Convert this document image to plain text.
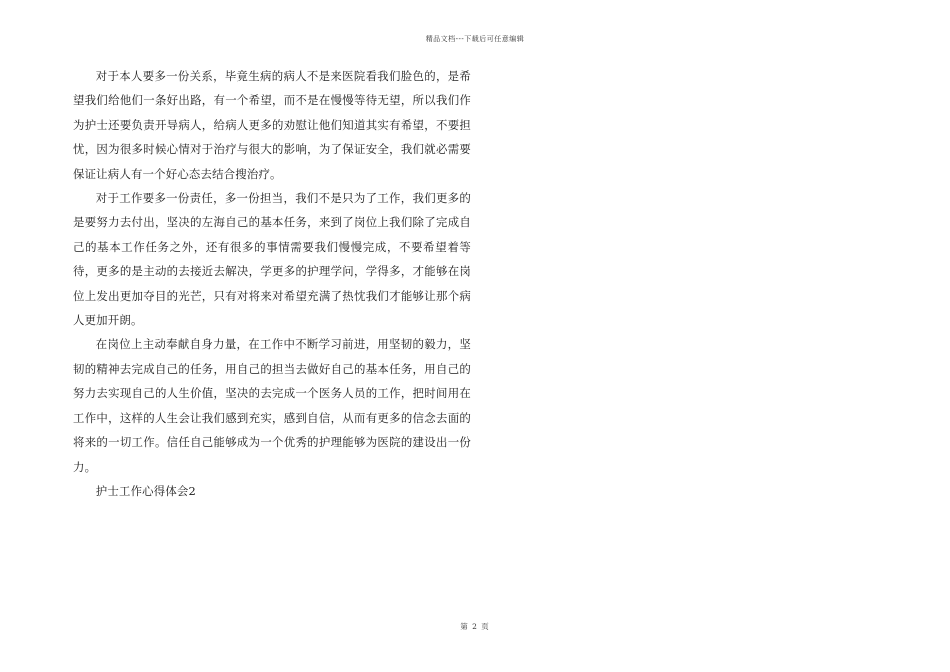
精品文档---下载后可任意编辑

对于本人要多一份关系，毕竟生病的病人不是来医院看我们脸色的，是希望我们给他们一条好出路，有一个希望，而不是在慢慢等待无望，所以我们作为护士还要负责开导病人，给病人更多的劝慰让他们知道其实有希望，不要担忧，因为很多时候心情对于治疗与很大的影响，为了保证安全，我们就必需要保证让病人有一个好心态去结合搜治疗。

对于工作要多一份责任，多一份担当，我们不是只为了工作，我们更多的是要努力去付出，坚决的左海自己的基本任务，来到了岗位上我们除了完成自己的基本工作任务之外，还有很多的事情需要我们慢慢完成，不要希望着等待，更多的是主动的去接近去解决，学更多的护理学问，学得多，才能够在岗位上发出更加夺目的光芒，只有对将来对希望充满了热忱我们才能够让那个病人更加开朗。

在岗位上主动奉献自身力量，在工作中不断学习前进，用坚韧的毅力，坚韧的精神去完成自己的任务，用自己的担当去做好自己的基本任务，用自己的努力去实现自己的人生价值，坚决的去完成一个医务人员的工作，把时间用在工作中，这样的人生会让我们感到充实，感到自信，从而有更多的信念去面的将来的一切工作。信任自己能够成为一个优秀的护理能够为医院的建设出一份力。

护士工作心得体会2

第 2 页
